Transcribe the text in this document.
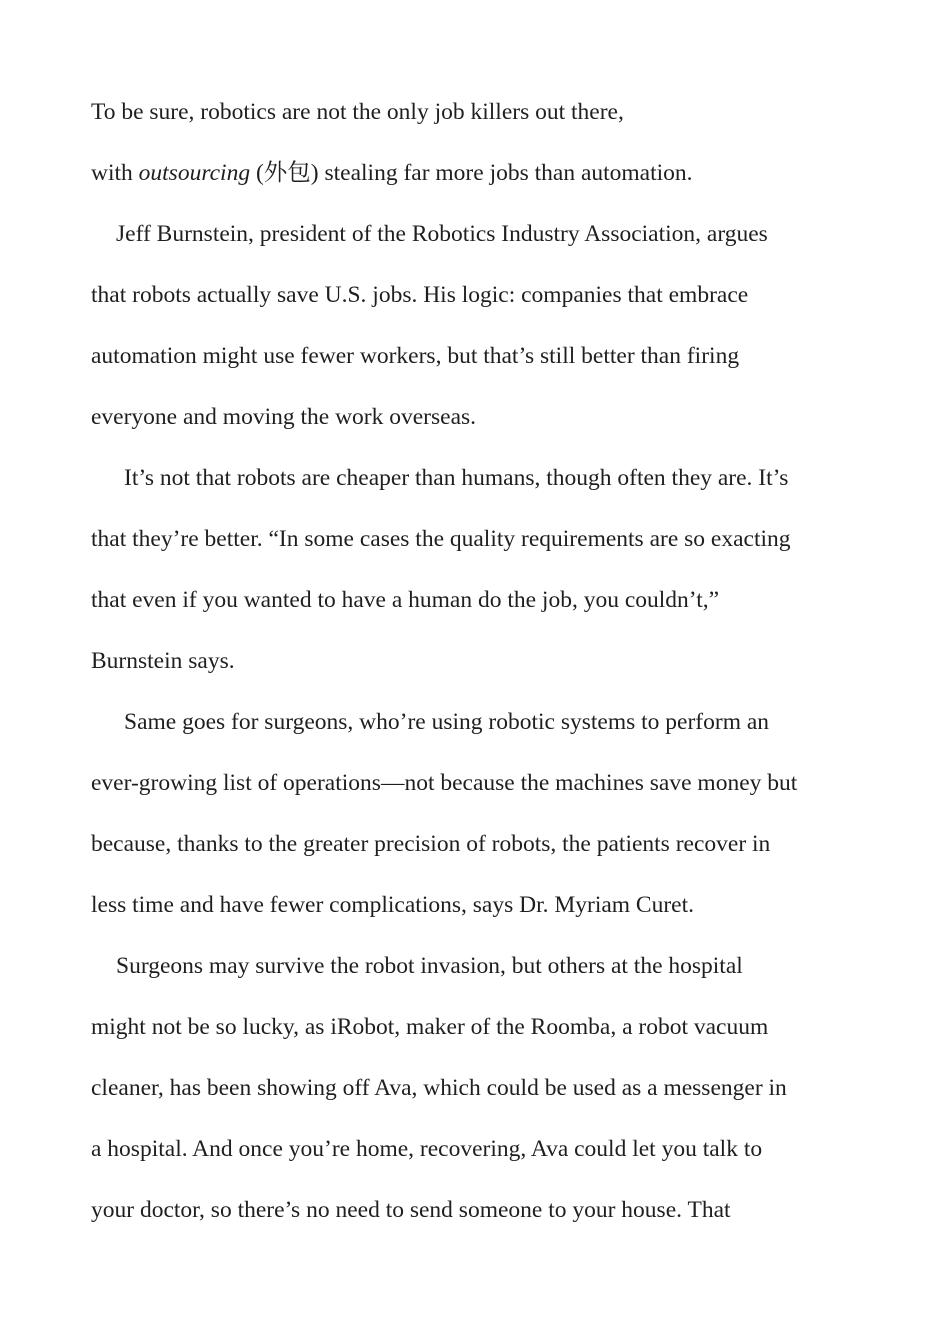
To be sure, robotics are not the only job killers out there,
with outsourcing (外包) stealing far more jobs than automation.
Jeff Burnstein, president of the Robotics Industry Association, argues
that robots actually save U.S. jobs. His logic: companies that embrace
automation might use fewer workers, but that’s still better than firing
everyone and moving the work overseas.
It’s not that robots are cheaper than humans, though often they are. It’s
that they’re better. “In some cases the quality requirements are so exacting
that even if you wanted to have a human do the job, you couldn’t,”
Burnstein says.
Same goes for surgeons, who’re using robotic systems to perform an
ever-growing list of operations—not because the machines save money but
because, thanks to the greater precision of robots, the patients recover in
less time and have fewer complications, says Dr. Myriam Curet.
Surgeons may survive the robot invasion, but others at the hospital
might not be so lucky, as iRobot, maker of the Roomba, a robot vacuum
cleaner, has been showing off Ava, which could be used as a messenger in
a hospital. And once you’re home, recovering, Ava could let you talk to
your doctor, so there’s no need to send someone to your house. That
